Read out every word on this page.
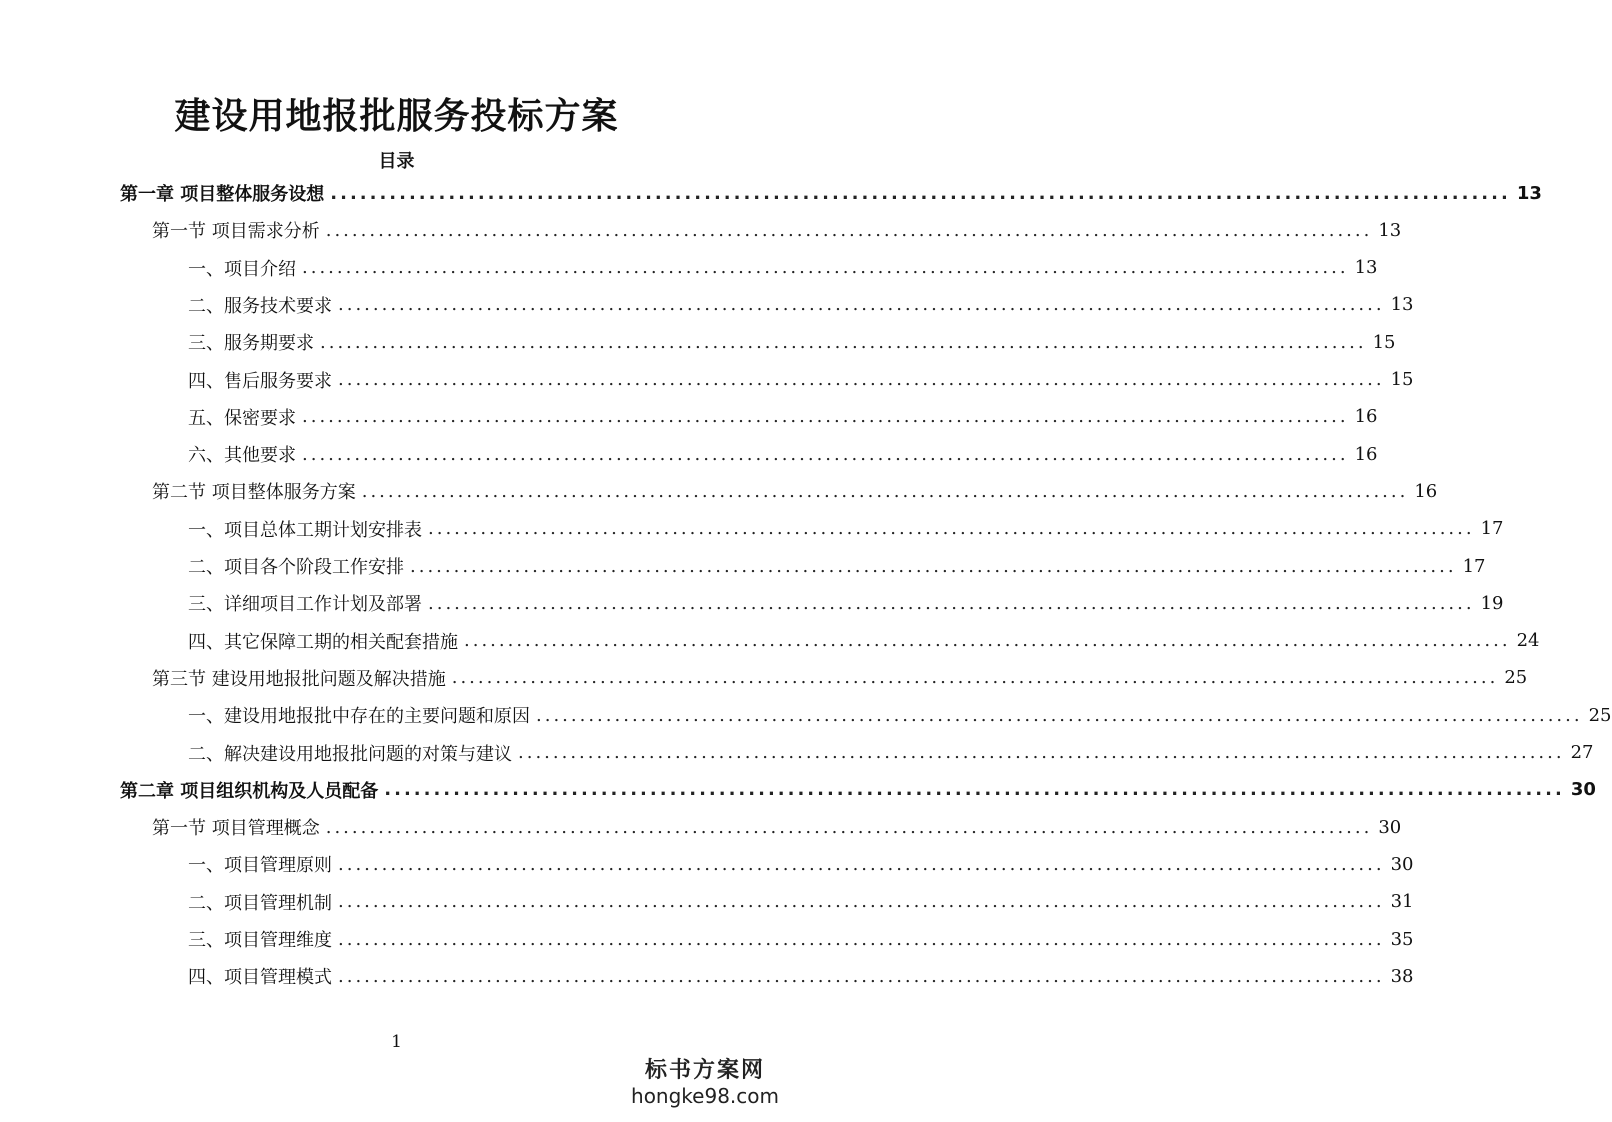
建设用地报批服务投标方案
目录
第一章 项目整体服务设想 ........................................................................................................................ 13
第一节 项目需求分析 ........................................................................................................................ 13
一、项目介绍 ........................................................................................................................ 13
二、服务技术要求 ........................................................................................................................ 13
三、服务期要求 ........................................................................................................................ 15
四、售后服务要求 ........................................................................................................................ 15
五、保密要求 ........................................................................................................................ 16
六、其他要求 ........................................................................................................................ 16
第二节 项目整体服务方案 ........................................................................................................................ 16
一、项目总体工期计划安排表 ........................................................................................................................ 17
二、项目各个阶段工作安排 ........................................................................................................................ 17
三、详细项目工作计划及部署 ........................................................................................................................ 19
四、其它保障工期的相关配套措施 ........................................................................................................................ 24
第三节 建设用地报批问题及解决措施 ........................................................................................................................ 25
一、建设用地报批中存在的主要问题和原因 ........................................................................................................................ 25
二、解决建设用地报批问题的对策与建议 ........................................................................................................................ 27
第二章 项目组织机构及人员配备 ........................................................................................................................ 30
第一节 项目管理概念 ........................................................................................................................ 30
一、项目管理原则 ........................................................................................................................ 30
二、项目管理机制 ........................................................................................................................ 31
三、项目管理维度 ........................................................................................................................ 35
四、项目管理模式 ........................................................................................................................ 38
1
标书方案网
hongke98.com
